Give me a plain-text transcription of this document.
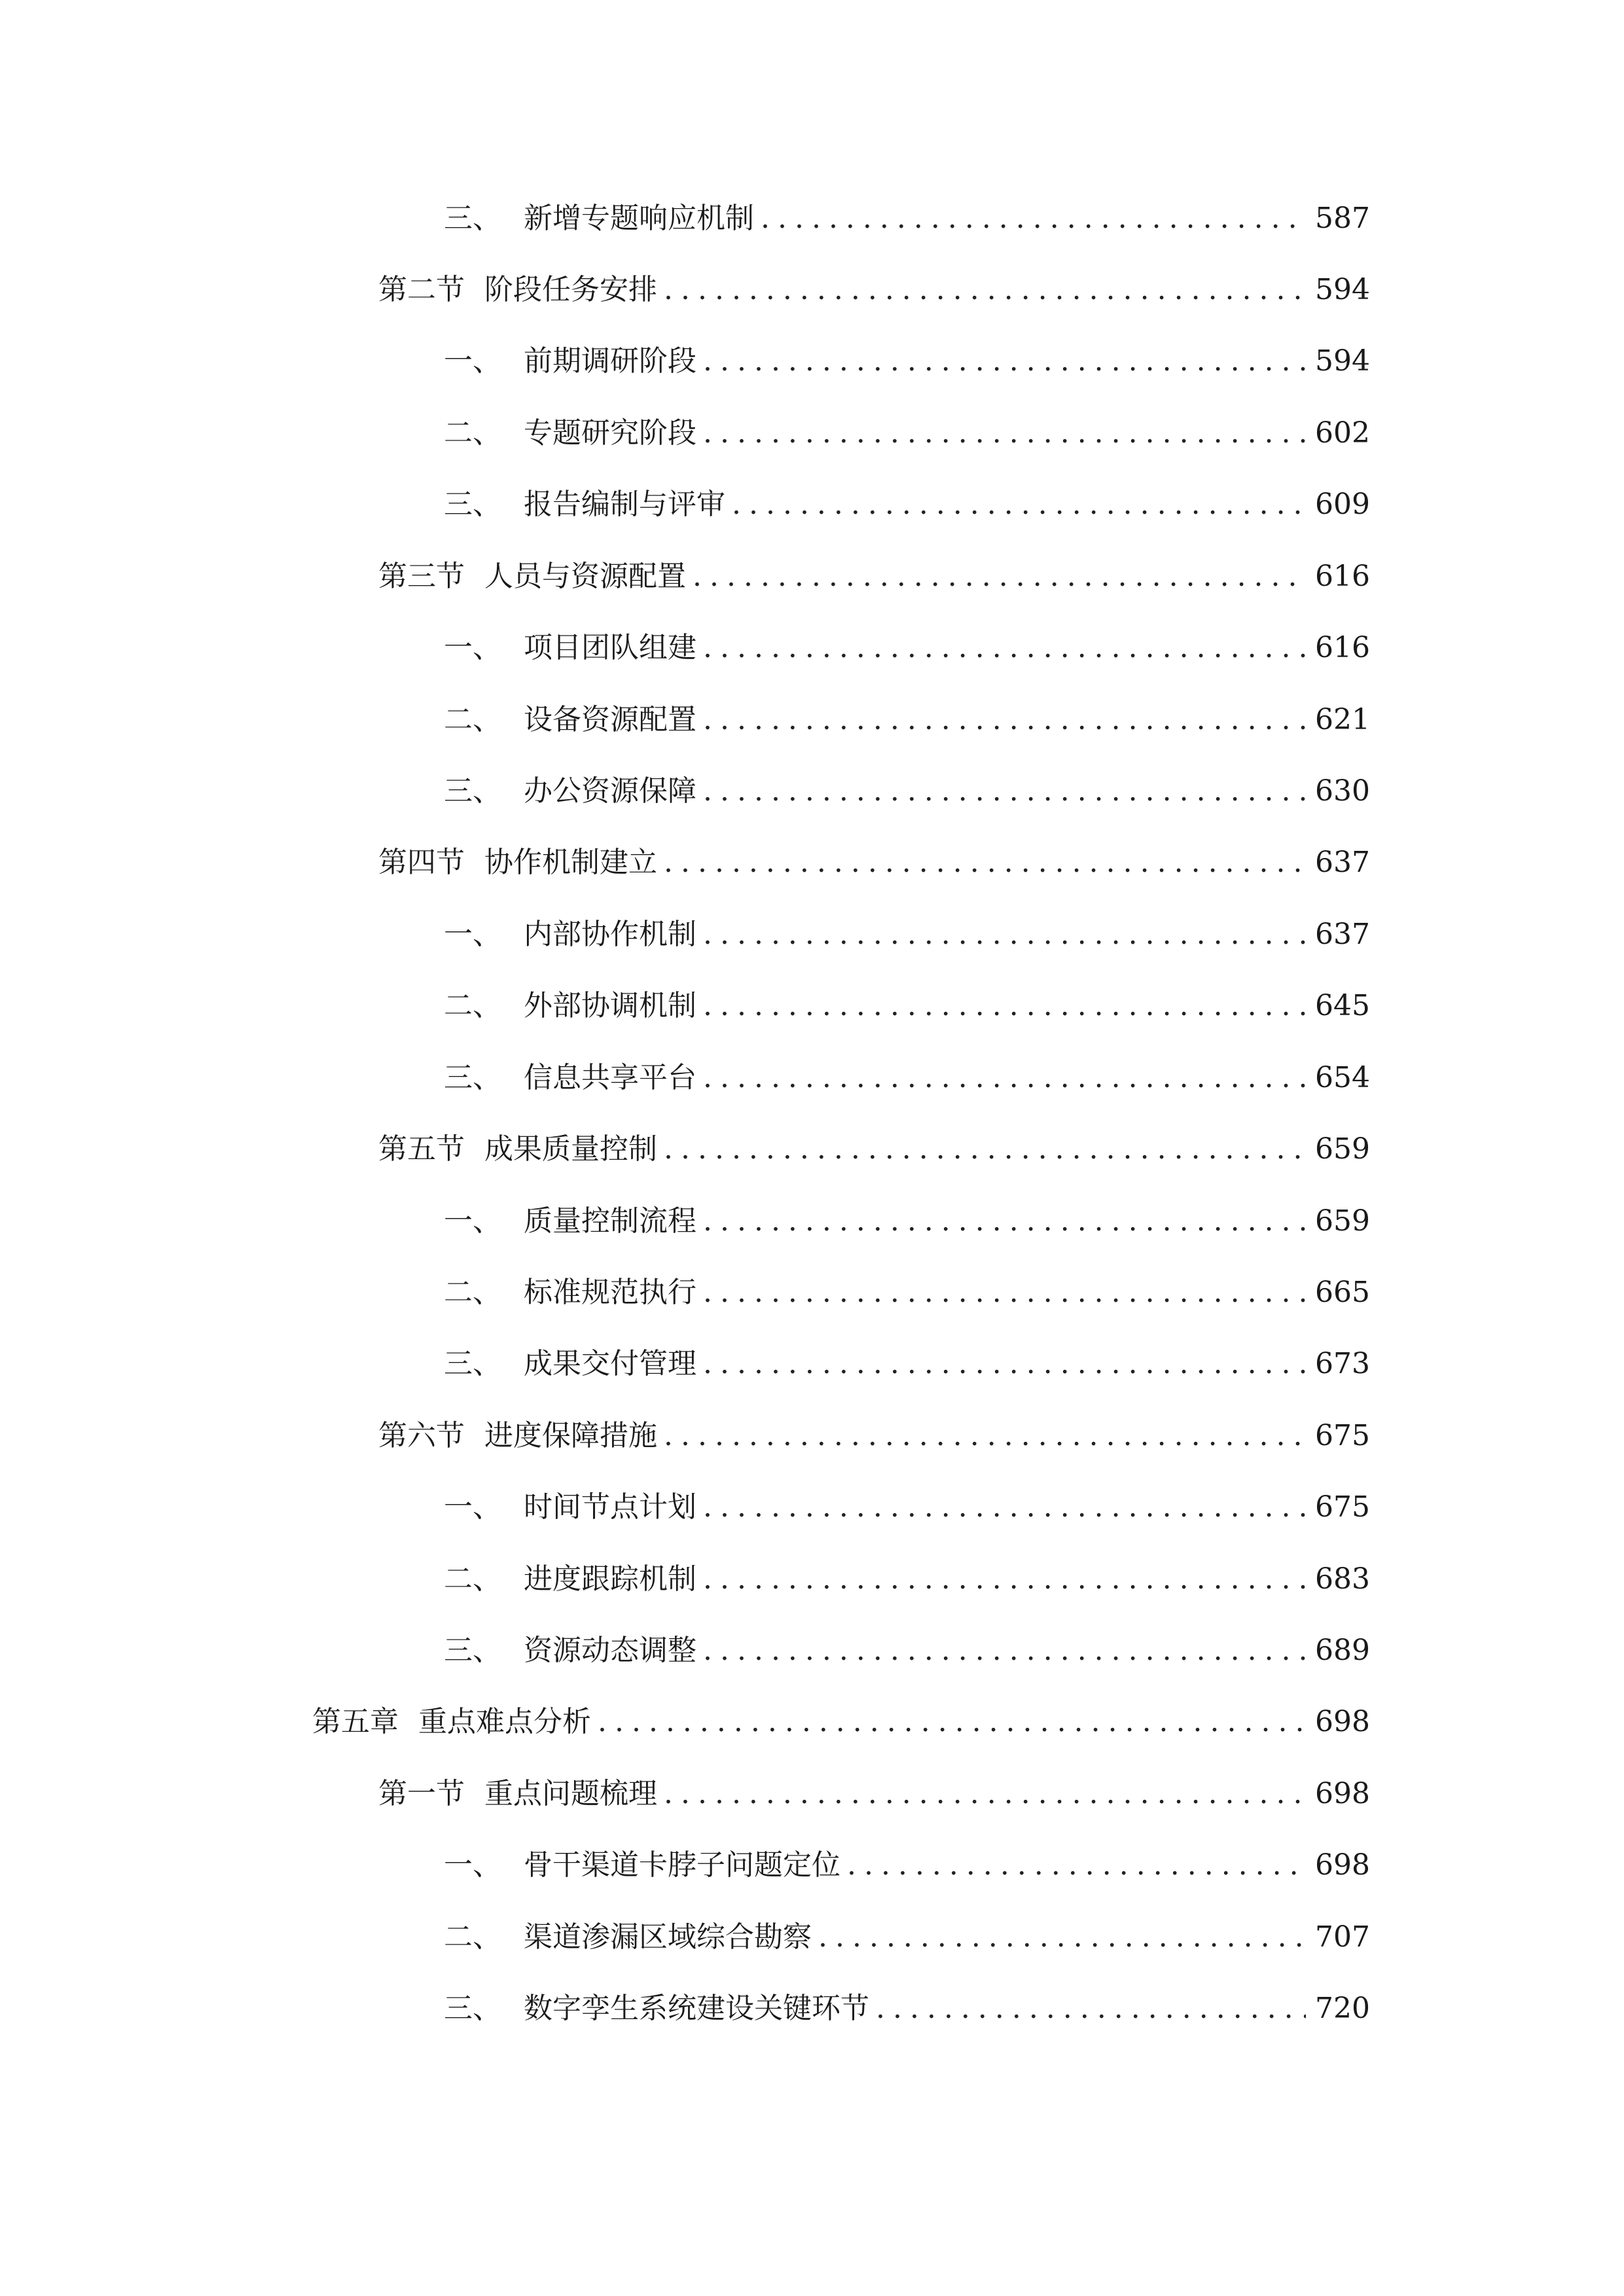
三、 新增专题响应机制 .....	587
第二节 阶段任务安排 .....	594
一、 前期调研阶段 .....	594
二、 专题研究阶段 .....	602
三、 报告编制与评审 .....	609
第三节 人员与资源配置 .....	616
一、 项目团队组建 .....	616
二、 设备资源配置 .....	621
三、 办公资源保障 .....	630
第四节 协作机制建立 .....	637
一、 内部协作机制 .....	637
二、 外部协调机制 .....	645
三、 信息共享平台 .....	654
第五节 成果质量控制 .....	659
一、 质量控制流程 .....	659
二、 标准规范执行 .....	665
三、 成果交付管理 .....	673
第六节 进度保障措施 .....	675
一、 时间节点计划 .....	675
二、 进度跟踪机制 .....	683
三、 资源动态调整 .....	689
第五章 重点难点分析 .....	698
第一节 重点问题梳理 .....	698
一、 骨干渠道卡脖子问题定位 .....	698
二、 渠道渗漏区域综合勘察 .....	707
三、 数字孪生系统建设关键环节 .....	720
